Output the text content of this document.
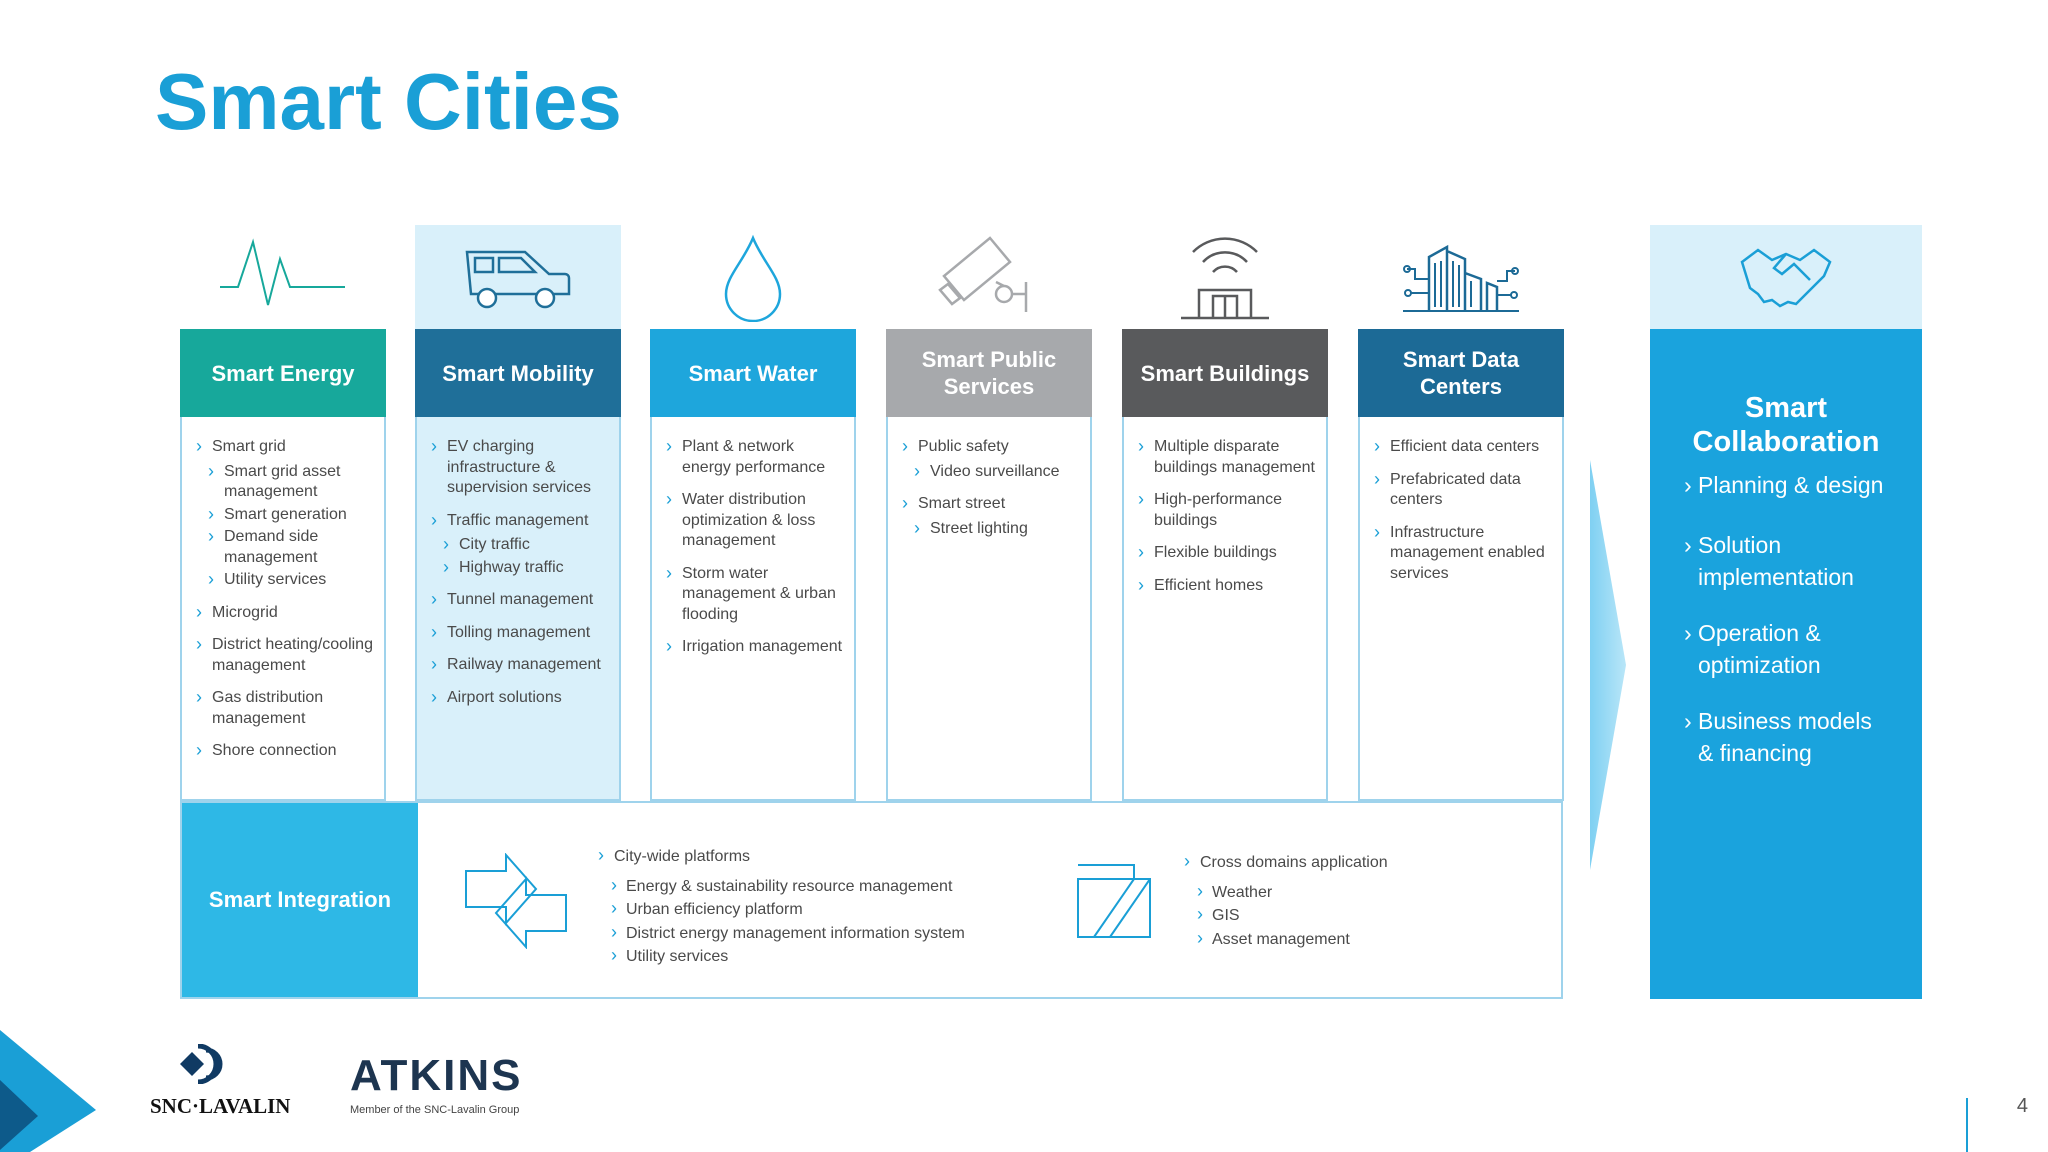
Smart Cities
Smart Energy
› Smart grid
› Smart grid asset management
› Smart generation
› Demand side management
› Utility services
› Microgrid
› District heating/cooling management
› Gas distribution management
› Shore connection
Smart Mobility
› EV charging infrastructure & supervision services
› Traffic management
› City traffic
› Highway traffic
› Tunnel management
› Tolling management
› Railway management
› Airport solutions
Smart Water
› Plant & network energy performance
› Water distribution optimization & loss management
› Storm water management & urban flooding
› Irrigation management
Smart Public Services
› Public safety
› Video surveillance
› Smart street
› Street lighting
Smart Buildings
› Multiple disparate buildings management
› High-performance buildings
› Flexible buildings
› Efficient homes
Smart Data Centers
› Efficient data centers
› Prefabricated data centers
› Infrastructure management enabled services
Smart Integration
› City-wide platforms
› Energy & sustainability resource management
› Urban efficiency platform
› District energy management information system
› Utility services
› Cross domains application
› Weather
› GIS
› Asset management
Smart
Collaboration
› Planning & design
› Solution
implementation
› Operation &
optimization
› Business models
& financing
SNC·LAVALIN
ATKINS
Member of the SNC-Lavalin Group	4
